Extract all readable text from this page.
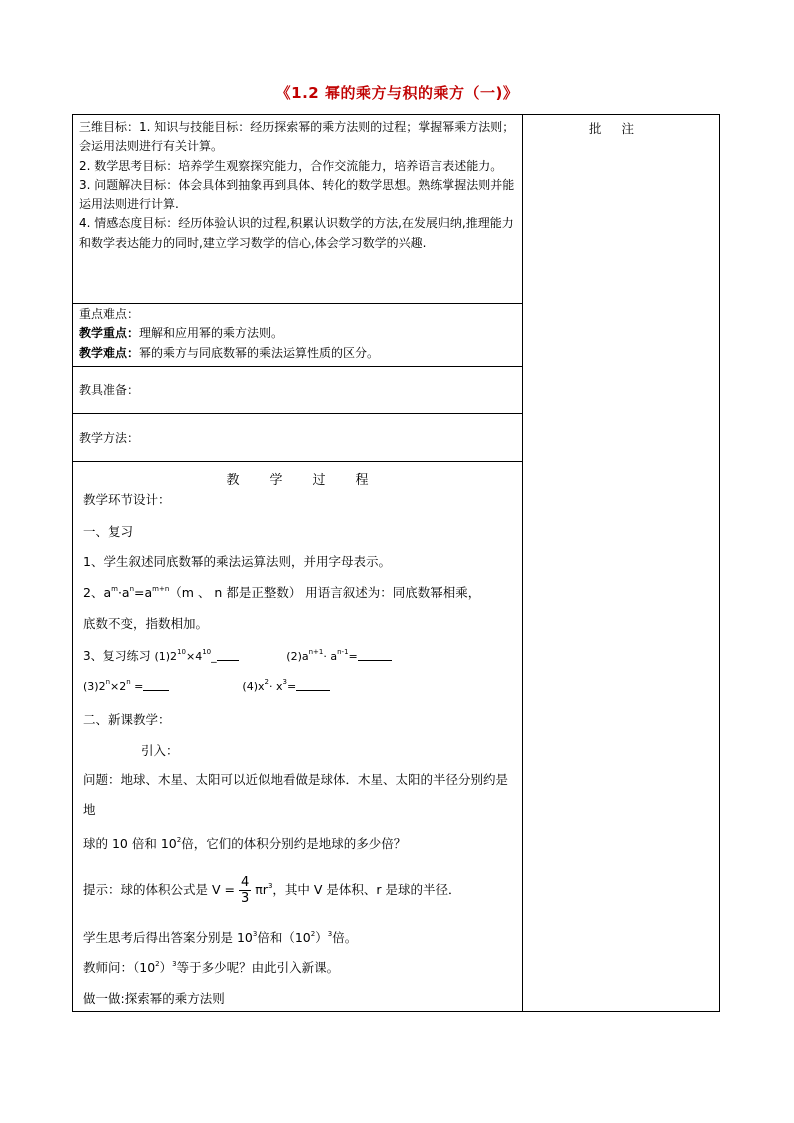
《1.2 幂的乘方与积的乘方（一)》
批注
三维目标：1. 知识与技能目标：经历探索幂的乘方法则的过程；掌握幂乘方法则；会运用法则进行有关计算。
2. 数学思考目标：培养学生观察探究能力，合作交流能力，培养语言表述能力。
3. 问题解决目标：体会具体到抽象再到具体、转化的数学思想。熟练掌握法则并能运用法则进行计算.
4. 情感态度目标：经历体验认识的过程,积累认识数学的方法,在发展归纳,推理能力和数学表达能力的同时,建立学习数学的信心,体会学习数学的兴趣.
重点难点：
教学重点：理解和应用幂的乘方法则。
教学难点：幂的乘方与同底数幂的乘法运算性质的区分。
教具准备：
教学方法：
教 学 过 程
教学环节设计：
一、复习
1、学生叙述同底数幂的乘法运算法则，并用字母表示。
2、$a^m\cdot a^n=a^{m+n}(m$ 、 n 都是正整数） 用语言叙述为：同底数幂相乘，
底数不变，指数相加。
3、复习练习 $(1)2^{10}\times 4^{10}\_$	$(2)a^{n+1}\cdot a^{n-1}=$
$(3)2^n\times 2^n$ =	$(4)x^2\cdot x^3=$
二、新课教学：
引入：
问题：地球、木星、太阳可以近似地看做是球体．木星、太阳的半径分别约是地
球的 10 倍和 $10^2$倍，它们的体积分别约是地球的多少倍？
提示：球的体积公式是 $V = \frac{4}{3} \pi r^3$，其中 V 是体积、r 是球的半径．
学生思考后得出答案分别是 $10^3$倍和$(10^2)^3$倍。
教师问：$(10^2)^3$等于多少呢？由此引入新课。
做一做:探索幂的乘方法则
